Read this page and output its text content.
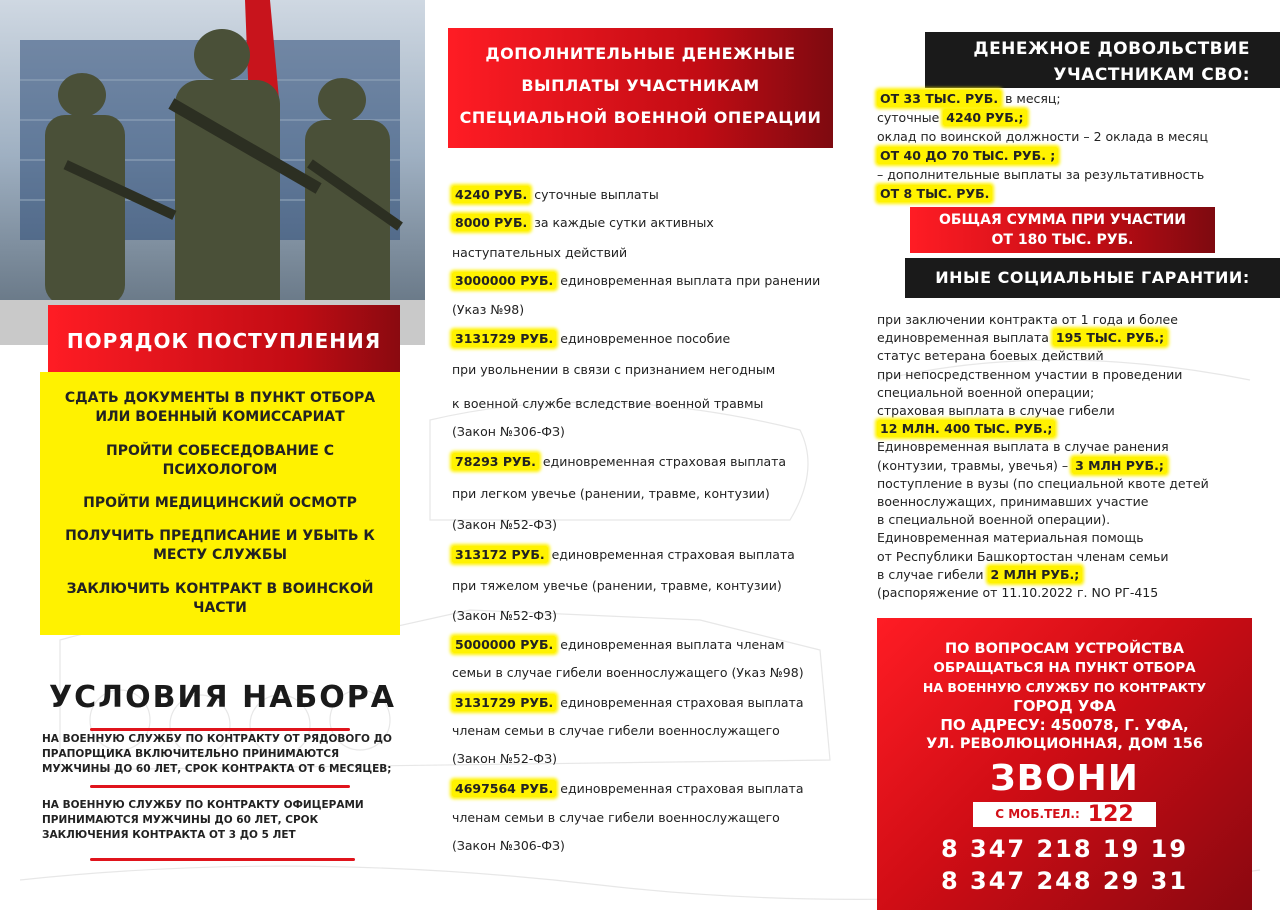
ПОРЯДОК ПОСТУПЛЕНИЯ
СДАТЬ ДОКУМЕНТЫ В ПУНКТ ОТБОРА ИЛИ ВОЕННЫЙ КОМИССАРИАТ
ПРОЙТИ СОБЕСЕДОВАНИЕ С ПСИХОЛОГОМ
ПРОЙТИ МЕДИЦИНСКИЙ ОСМОТР
ПОЛУЧИТЬ ПРЕДПИСАНИЕ И УБЫТЬ К МЕСТУ СЛУЖБЫ
ЗАКЛЮЧИТЬ КОНТРАКТ В ВОИНСКОЙ ЧАСТИ
УСЛОВИЯ НАБОРА
НА ВОЕННУЮ СЛУЖБУ ПО КОНТРАКТУ ОТ РЯДОВОГО ДО ПРАПОРЩИКА ВКЛЮЧИТЕЛЬНО ПРИНИМАЮТСЯ МУЖЧИНЫ ДО 60 ЛЕТ, СРОК КОНТРАКТА ОТ 6 МЕСЯЦЕВ;
НА ВОЕННУЮ СЛУЖБУ ПО КОНТРАКТУ ОФИЦЕРАМИ ПРИНИМАЮТСЯ МУЖЧИНЫ ДО 60 ЛЕТ, СРОК ЗАКЛЮЧЕНИЯ КОНТРАКТА ОТ 3 ДО 5 ЛЕТ
ДОПОЛНИТЕЛЬНЫЕ ДЕНЕЖНЫЕ ВЫПЛАТЫ УЧАСТНИКАМ СПЕЦИАЛЬНОЙ ВОЕННОЙ ОПЕРАЦИИ
4240 РУБ. суточные выплаты
8000 РУБ. за каждые сутки активных
наступательных действий
3000000 РУБ. единовременная выплата при ранении
(Указ №98)
3131729 РУБ. единовременное пособие
при увольнении в связи с признанием негодным
к военной службе вследствие военной травмы
(Закон №306-ФЗ)
78293 РУБ. единовременная страховая выплата
при легком увечье (ранении, травме, контузии)
(Закон №52-ФЗ)
313172 РУБ. единовременная страховая выплата
при тяжелом увечье (ранении, травме, контузии)
(Закон №52-ФЗ)
5000000 РУБ. единовременная выплата членам
семьи в случае гибели военнослужащего (Указ №98)
3131729 РУБ. единовременная страховая выплата
членам семьи в случае гибели военнослужащего
(Закон №52-ФЗ)
4697564 РУБ. единовременная страховая выплата
членам семьи в случае гибели военнослужащего
(Закон №306-ФЗ)
ДЕНЕЖНОЕ ДОВОЛЬСТВИЕ
УЧАСТНИКАМ СВО:
ОТ 33 ТЫС. РУБ. в месяц;
суточные 4240 РУБ.;
оклад по воинской должности – 2 оклада в месяц
ОТ 40 ДО 70 ТЫС. РУБ. ;
– дополнительные выплаты за результативность
ОТ 8 ТЫС. РУБ.
ОБЩАЯ СУММА ПРИ УЧАСТИИ
ОТ 180 ТЫС. РУБ.
ИНЫЕ СОЦИАЛЬНЫЕ ГАРАНТИИ:
при заключении контракта от 1 года и более
единовременная выплата 195 ТЫС. РУБ.;
статус ветерана боевых действий
при непосредственном участии в проведении
специальной военной операции;
страховая выплата в случае гибели
12 МЛН. 400 ТЫС. РУБ.;
Единовременная выплата в случае ранения
(контузии, травмы, увечья) – 3 МЛН РУБ.;
поступление в вузы (по специальной квоте детей
военнослужащих, принимавших участие
в специальной военной операции).
Единовременная материальная помощь
от Республики Башкортостан членам семьи
в случае гибели 2 МЛН РУБ.;
(распоряжение от 11.10.2022 г. NO РГ-415
ПО ВОПРОСАМ УСТРОЙСТВА
ОБРАЩАТЬСЯ НА ПУНКТ ОТБОРА
НА ВОЕННУЮ СЛУЖБУ ПО КОНТРАКТУ
ГОРОД УФА
ПО АДРЕСУ: 450078, Г. УФА,
УЛ. РЕВОЛЮЦИОННАЯ, ДОМ 156
ЗВОНИ
С МОБ.ТЕЛ.: 122
8 347 218 19 19
8 347 248 29 31
